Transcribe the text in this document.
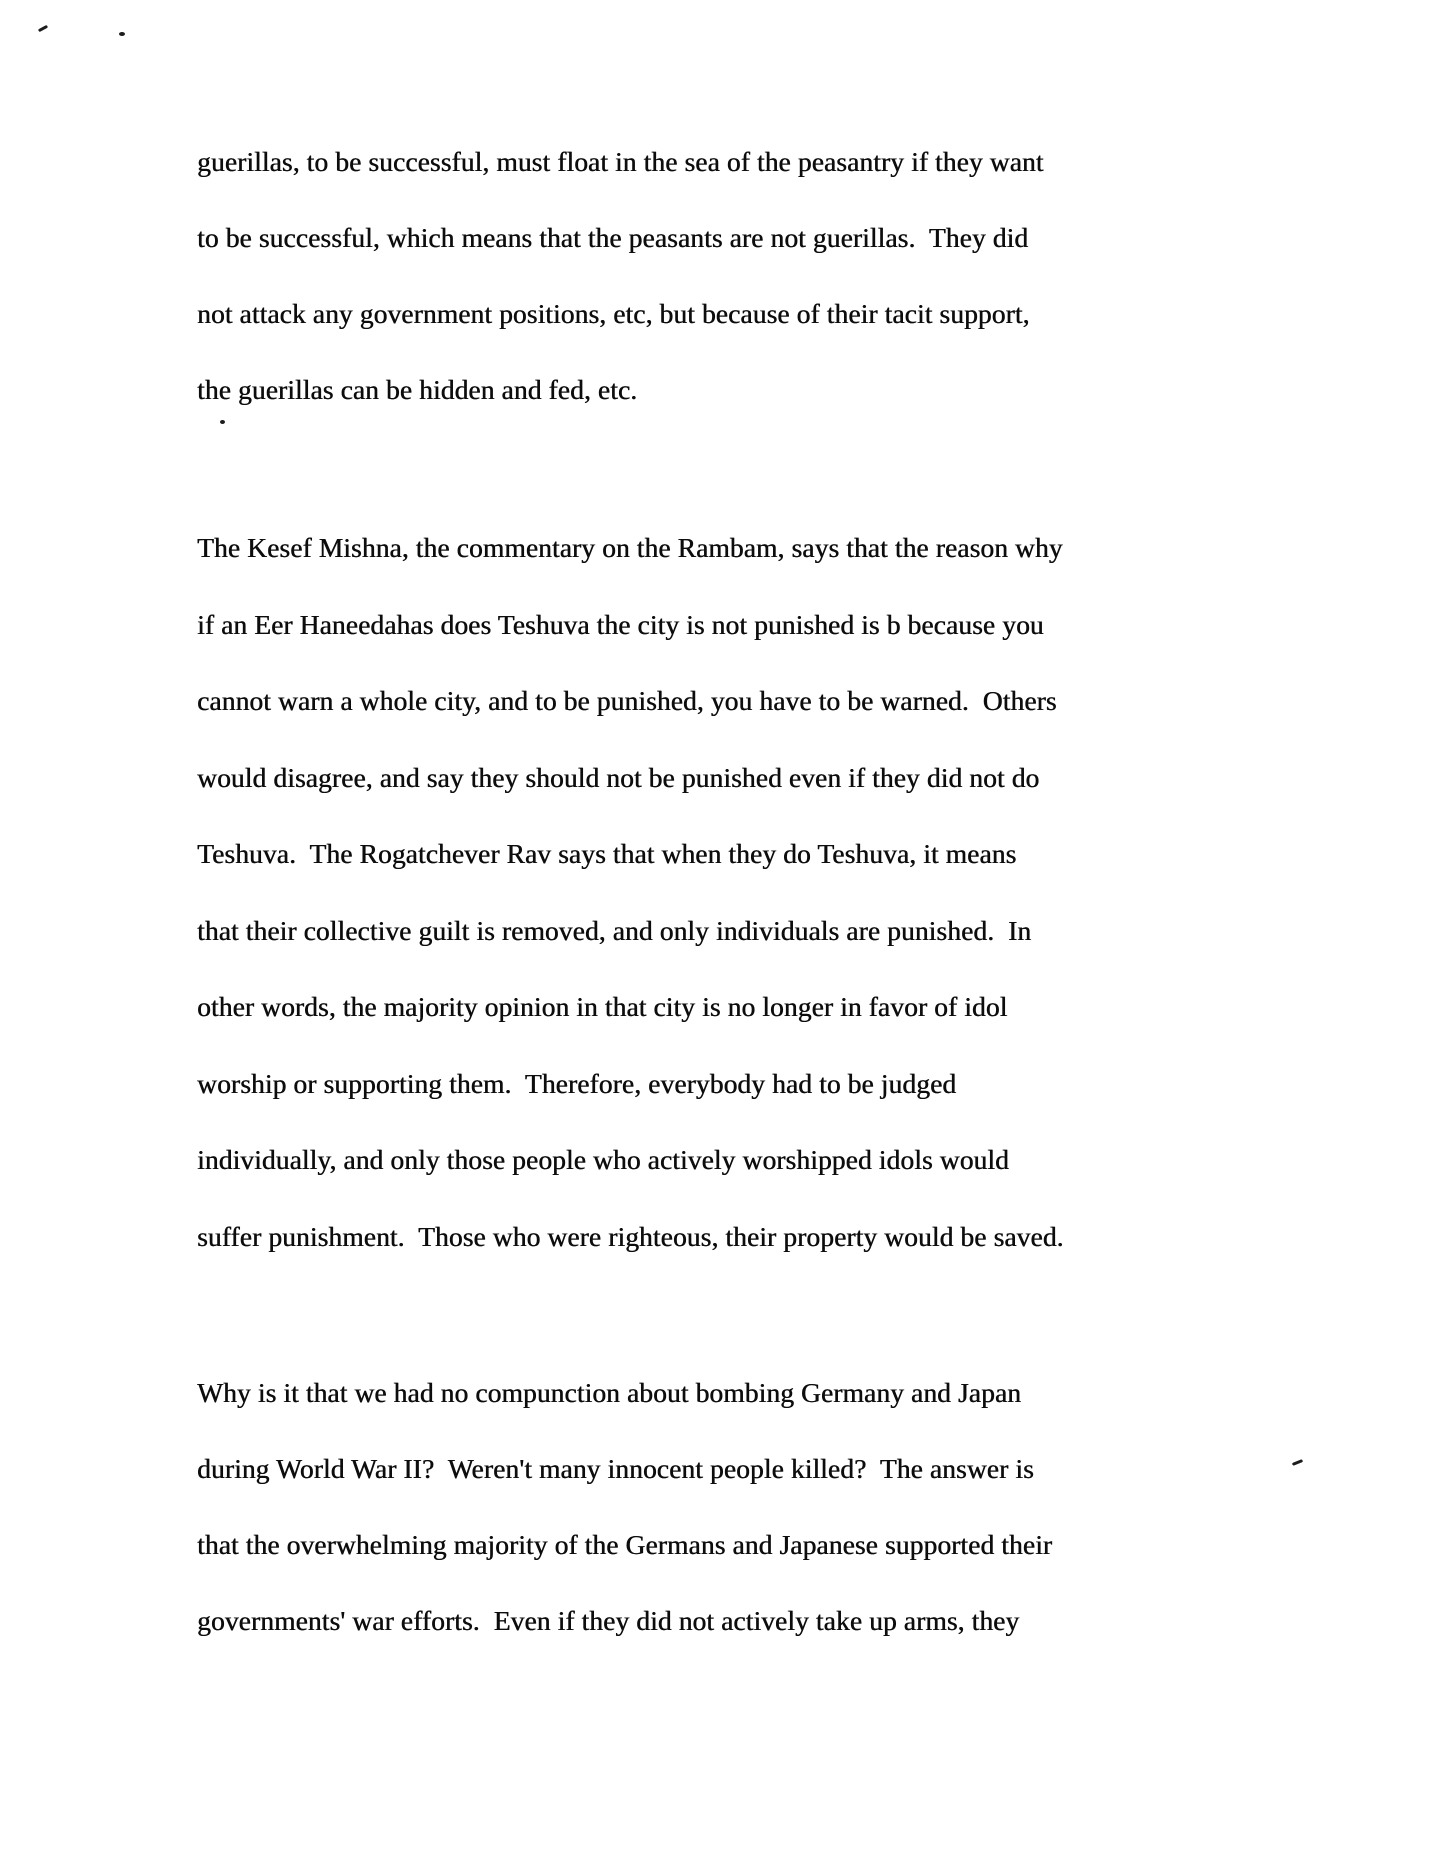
guerillas, to be successful, must float in the sea of the peasantry if they want
to be successful, which means that the peasants are not guerillas.  They did
not attack any government positions, etc, but because of their tacit support,
the guerillas can be hidden and fed, etc.
The Kesef Mishna, the commentary on the Rambam, says that the reason why
if an Eer Haneedahas does Teshuva the city is not punished is b because you
cannot warn a whole city, and to be punished, you have to be warned.  Others
would disagree, and say they should not be punished even if they did not do
Teshuva.  The Rogatchever Rav says that when they do Teshuva, it means
that their collective guilt is removed, and only individuals are punished.  In
other words, the majority opinion in that city is no longer in favor of idol
worship or supporting them.  Therefore, everybody had to be judged
individually, and only those people who actively worshipped idols would
suffer punishment.  Those who were righteous, their property would be saved.
Why is it that we had no compunction about bombing Germany and Japan
during World War II?  Weren't many innocent people killed?  The answer is
that the overwhelming majority of the Germans and Japanese supported their
governments' war efforts.  Even if they did not actively take up arms, they
